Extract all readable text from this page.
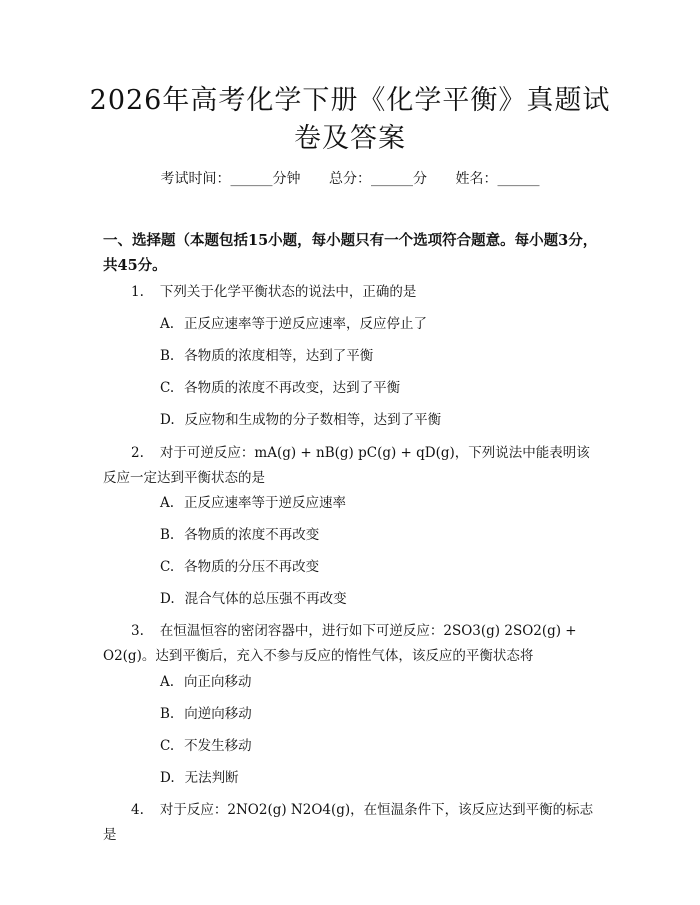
2026年高考化学下册《化学平衡》真题试卷及答案
考试时间：______分钟 总分：______分 姓名：______
一、选择题（本题包括15小题，每小题只有一个选项符合题意。每小题3分，共45分。
1. 下列关于化学平衡状态的说法中，正确的是
A. 正反应速率等于逆反应速率，反应停止了
B. 各物质的浓度相等，达到了平衡
C. 各物质的浓度不再改变，达到了平衡
D. 反应物和生成物的分子数相等，达到了平衡
2. 对于可逆反应：mA(g) + nB(g) pC(g) + qD(g)，下列说法中能表明该反应一定达到平衡状态的是
A. 正反应速率等于逆反应速率
B. 各物质的浓度不再改变
C. 各物质的分压不再改变
D. 混合气体的总压强不再改变
3. 在恒温恒容的密闭容器中，进行如下可逆反应：2SO3(g) 2SO2(g) + O2(g)。达到平衡后，充入不参与反应的惰性气体，该反应的平衡状态将
A. 向正向移动
B. 向逆向移动
C. 不发生移动
D. 无法判断
4. 对于反应：2NO2(g) N2O4(g)，在恒温条件下，该反应达到平衡的标志是
